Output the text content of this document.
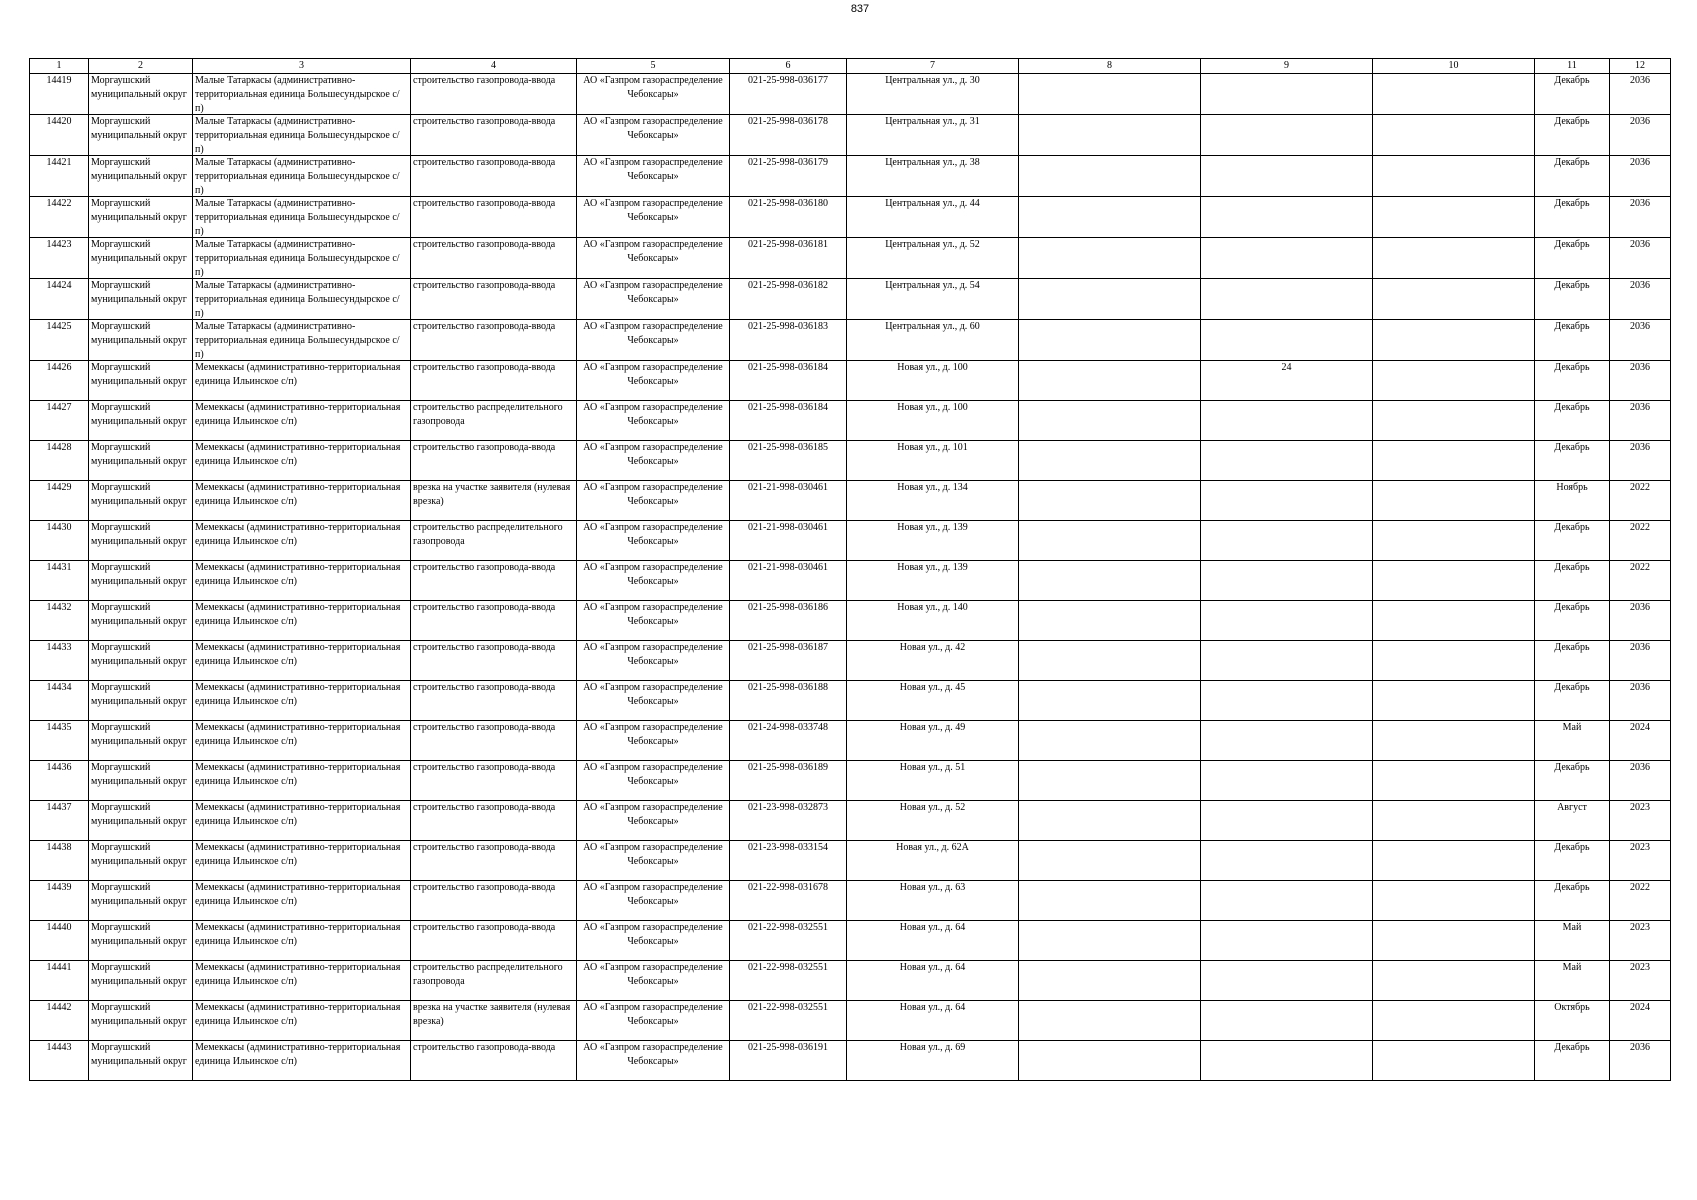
837
1	2	3	4	5	6	7	8	9	10	11	12

14419	Моргаушский муниципальный округ	Малые Татаркасы (административно-территориальная единица Большесундырское с/п)	строительство газопровода-ввода	АО «Газпром газораспределение Чебоксары»	021-25-998-036177	Центральная ул., д. 30				Декабрь	2036

14420	Моргаушский муниципальный округ	Малые Татаркасы (административно-территориальная единица Большесундырское с/п)	строительство газопровода-ввода	АО «Газпром газораспределение Чебоксары»	021-25-998-036178	Центральная ул., д. 31				Декабрь	2036

14421	Моргаушский муниципальный округ	Малые Татаркасы (административно-территориальная единица Большесундырское с/п)	строительство газопровода-ввода	АО «Газпром газораспределение Чебоксары»	021-25-998-036179	Центральная ул., д. 38				Декабрь	2036

14422	Моргаушский муниципальный округ	Малые Татаркасы (административно-территориальная единица Большесундырское с/п)	строительство газопровода-ввода	АО «Газпром газораспределение Чебоксары»	021-25-998-036180	Центральная ул., д. 44				Декабрь	2036

14423	Моргаушский муниципальный округ	Малые Татаркасы (административно-территориальная единица Большесундырское с/п)	строительство газопровода-ввода	АО «Газпром газораспределение Чебоксары»	021-25-998-036181	Центральная ул., д. 52				Декабрь	2036

14424	Моргаушский муниципальный округ	Малые Татаркасы (административно-территориальная единица Большесундырское с/п)	строительство газопровода-ввода	АО «Газпром газораспределение Чебоксары»	021-25-998-036182	Центральная ул., д. 54				Декабрь	2036

14425	Моргаушский муниципальный округ	Малые Татаркасы (административно-территориальная единица Большесундырское с/п)	строительство газопровода-ввода	АО «Газпром газораспределение Чебоксары»	021-25-998-036183	Центральная ул., д. 60				Декабрь	2036

14426	Моргаушский муниципальный округ	Мемеккасы (административно-территориальная единица Ильинское с/п)	строительство газопровода-ввода	АО «Газпром газораспределение Чебоксары»	021-25-998-036184	Новая ул., д. 100		24		Декабрь	2036

14427	Моргаушский муниципальный округ	Мемеккасы (административно-территориальная единица Ильинское с/п)	строительство распределительного газопровода	АО «Газпром газораспределение Чебоксары»	021-25-998-036184	Новая ул., д. 100				Декабрь	2036

14428	Моргаушский муниципальный округ	Мемеккасы (административно-территориальная единица Ильинское с/п)	строительство газопровода-ввода	АО «Газпром газораспределение Чебоксары»	021-25-998-036185	Новая ул., д. 101				Декабрь	2036

14429	Моргаушский муниципальный округ	Мемеккасы (административно-территориальная единица Ильинское с/п)	врезка на участке заявителя (нулевая врезка)	АО «Газпром газораспределение Чебоксары»	021-21-998-030461	Новая ул., д. 134				Ноябрь	2022

14430	Моргаушский муниципальный округ	Мемеккасы (административно-территориальная единица Ильинское с/п)	строительство распределительного газопровода	АО «Газпром газораспределение Чебоксары»	021-21-998-030461	Новая ул., д. 139				Декабрь	2022

14431	Моргаушский муниципальный округ	Мемеккасы (административно-территориальная единица Ильинское с/п)	строительство газопровода-ввода	АО «Газпром газораспределение Чебоксары»	021-21-998-030461	Новая ул., д. 139				Декабрь	2022

14432	Моргаушский муниципальный округ	Мемеккасы (административно-территориальная единица Ильинское с/п)	строительство газопровода-ввода	АО «Газпром газораспределение Чебоксары»	021-25-998-036186	Новая ул., д. 140				Декабрь	2036

14433	Моргаушский муниципальный округ	Мемеккасы (административно-территориальная единица Ильинское с/п)	строительство газопровода-ввода	АО «Газпром газораспределение Чебоксары»	021-25-998-036187	Новая ул., д. 42				Декабрь	2036

14434	Моргаушский муниципальный округ	Мемеккасы (административно-территориальная единица Ильинское с/п)	строительство газопровода-ввода	АО «Газпром газораспределение Чебоксары»	021-25-998-036188	Новая ул., д. 45				Декабрь	2036

14435	Моргаушский муниципальный округ	Мемеккасы (административно-территориальная единица Ильинское с/п)	строительство газопровода-ввода	АО «Газпром газораспределение Чебоксары»	021-24-998-033748	Новая ул., д. 49				Май	2024

14436	Моргаушский муниципальный округ	Мемеккасы (административно-территориальная единица Ильинское с/п)	строительство газопровода-ввода	АО «Газпром газораспределение Чебоксары»	021-25-998-036189	Новая ул., д. 51				Декабрь	2036

14437	Моргаушский муниципальный округ	Мемеккасы (административно-территориальная единица Ильинское с/п)	строительство газопровода-ввода	АО «Газпром газораспределение Чебоксары»	021-23-998-032873	Новая ул., д. 52				Август	2023

14438	Моргаушский муниципальный округ	Мемеккасы (административно-территориальная единица Ильинское с/п)	строительство газопровода-ввода	АО «Газпром газораспределение Чебоксары»	021-23-998-033154	Новая ул., д. 62А				Декабрь	2023

14439	Моргаушский муниципальный округ	Мемеккасы (административно-территориальная единица Ильинское с/п)	строительство газопровода-ввода	АО «Газпром газораспределение Чебоксары»	021-22-998-031678	Новая ул., д. 63				Декабрь	2022

14440	Моргаушский муниципальный округ	Мемеккасы (административно-территориальная единица Ильинское с/п)	строительство газопровода-ввода	АО «Газпром газораспределение Чебоксары»	021-22-998-032551	Новая ул., д. 64				Май	2023

14441	Моргаушский муниципальный округ	Мемеккасы (административно-территориальная единица Ильинское с/п)	строительство распределительного газопровода	АО «Газпром газораспределение Чебоксары»	021-22-998-032551	Новая ул., д. 64				Май	2023

14442	Моргаушский муниципальный округ	Мемеккасы (административно-территориальная единица Ильинское с/п)	врезка на участке заявителя (нулевая врезка)	АО «Газпром газораспределение Чебоксары»	021-22-998-032551	Новая ул., д. 64				Октябрь	2024

14443	Моргаушский муниципальный округ	Мемеккасы (административно-территориальная единица Ильинское с/п)	строительство газопровода-ввода	АО «Газпром газораспределение Чебоксары»	021-25-998-036191	Новая ул., д. 69				Декабрь	2036
